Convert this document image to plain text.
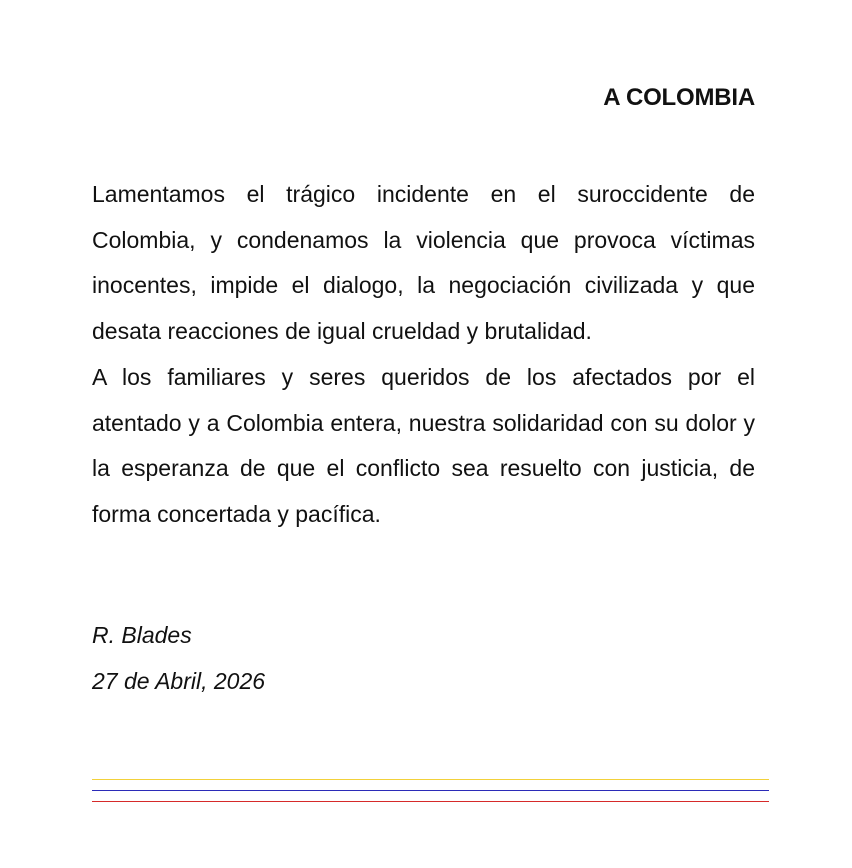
A COLOMBIA

Lamentamos el trágico incidente en el suroccidente de Colombia, y condenamos la violencia que provoca víctimas inocentes, impide el dialogo, la negociación civilizada y que desata reacciones de igual crueldad y brutalidad.

A los familiares y seres queridos de los afectados por el atentado y a Colombia entera, nuestra solidaridad con su dolor y la esperanza de que el conflicto sea resuelto con justicia, de forma concertada y pacífica.

R. Blades
27 de Abril, 2026
